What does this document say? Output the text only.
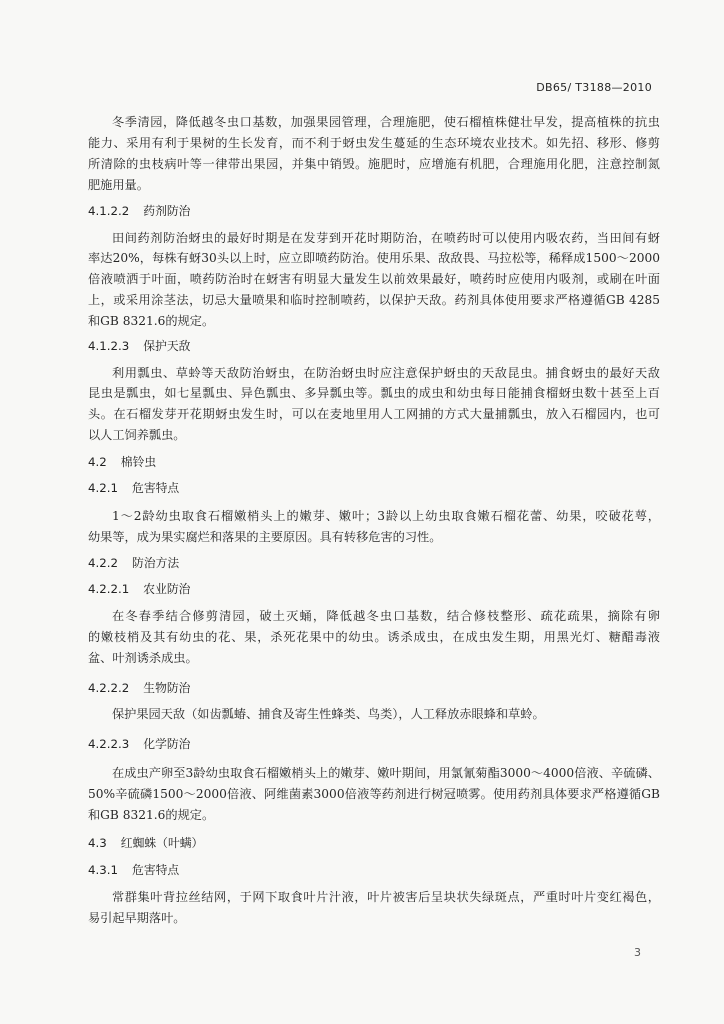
DB65/ T3188—2010
冬季清园，降低越冬虫口基数，加强果园管理，合理施肥，使石榴植株健壮早发，提高植株的抗虫
能力、采用有利于果树的生长发育，而不利于蚜虫发生蔓延的生态环境农业技术。如先招、移形、修剪
所清除的虫枝病叶等一律带出果园，并集中销毁。施肥时，应增施有机肥，合理施用化肥，注意控制氮
肥施用量。
4.1.2.2 药剂防治
田间药剂防治蚜虫的最好时期是在发芽到开花时期防治，在喷药时可以使用内吸农药，当田间有蚜
率达20%，每株有蚜30头以上时，应立即喷药防治。使用乐果、敌敌畏、马拉松等，稀释成1500～2000
倍液喷洒于叶面，喷药防治时在蚜害有明显大量发生以前效果最好，喷药时应使用内吸剂，或刷在叶面
上，或采用涂茎法，切忌大量喷果和临时控制喷药，以保护天敌。药剂具体使用要求严格遵循GB 4285
和GB 8321.6的规定。
4.1.2.3 保护天敌
利用瓢虫、草蛉等天敌防治蚜虫，在防治蚜虫时应注意保护蚜虫的天敌昆虫。捕食蚜虫的最好天敌
昆虫是瓢虫，如七星瓢虫、异色瓢虫、多异瓢虫等。瓢虫的成虫和幼虫每日能捕食榴蚜虫数十甚至上百
头。在石榴发芽开花期蚜虫发生时，可以在麦地里用人工网捕的方式大量捕瓢虫，放入石榴园内，也可
以人工饲养瓢虫。
4.2 棉铃虫
4.2.1 危害特点
1～2龄幼虫取食石榴嫩梢头上的嫩芽、嫩叶；3龄以上幼虫取食嫩石榴花蕾、幼果，咬破花萼，
幼果等，成为果实腐烂和落果的主要原因。具有转移危害的习性。
4.2.2 防治方法
4.2.2.1 农业防治
在冬春季结合修剪清园，破土灭蛹，降低越冬虫口基数，结合修枝整形、疏花疏果，摘除有卵
的嫩枝梢及其有幼虫的花、果，杀死花果中的幼虫。诱杀成虫，在成虫发生期，用黑光灯、糖醋毒液
盆、叶剂诱杀成虫。
4.2.2.2 生物防治
保护果园天敌（如齿瓢蝽、捕食及寄生性蜂类、鸟类），人工释放赤眼蜂和草蛉。
4.2.2.3 化学防治
在成虫产卵至3龄幼虫取食石榴嫩梢头上的嫩芽、嫩叶期间，用氯氰菊酯3000～4000倍液、辛硫磷、
50%辛硫磷1500～2000倍液、阿维菌素3000倍液等药剂进行树冠喷雾。使用药剂具体要求严格遵循GB
和GB 8321.6的规定。
4.3 红蜘蛛（叶螨）
4.3.1 危害特点
常群集叶背拉丝结网，于网下取食叶片汁液，叶片被害后呈块状失绿斑点，严重时叶片变红褐色，
易引起早期落叶。
3
